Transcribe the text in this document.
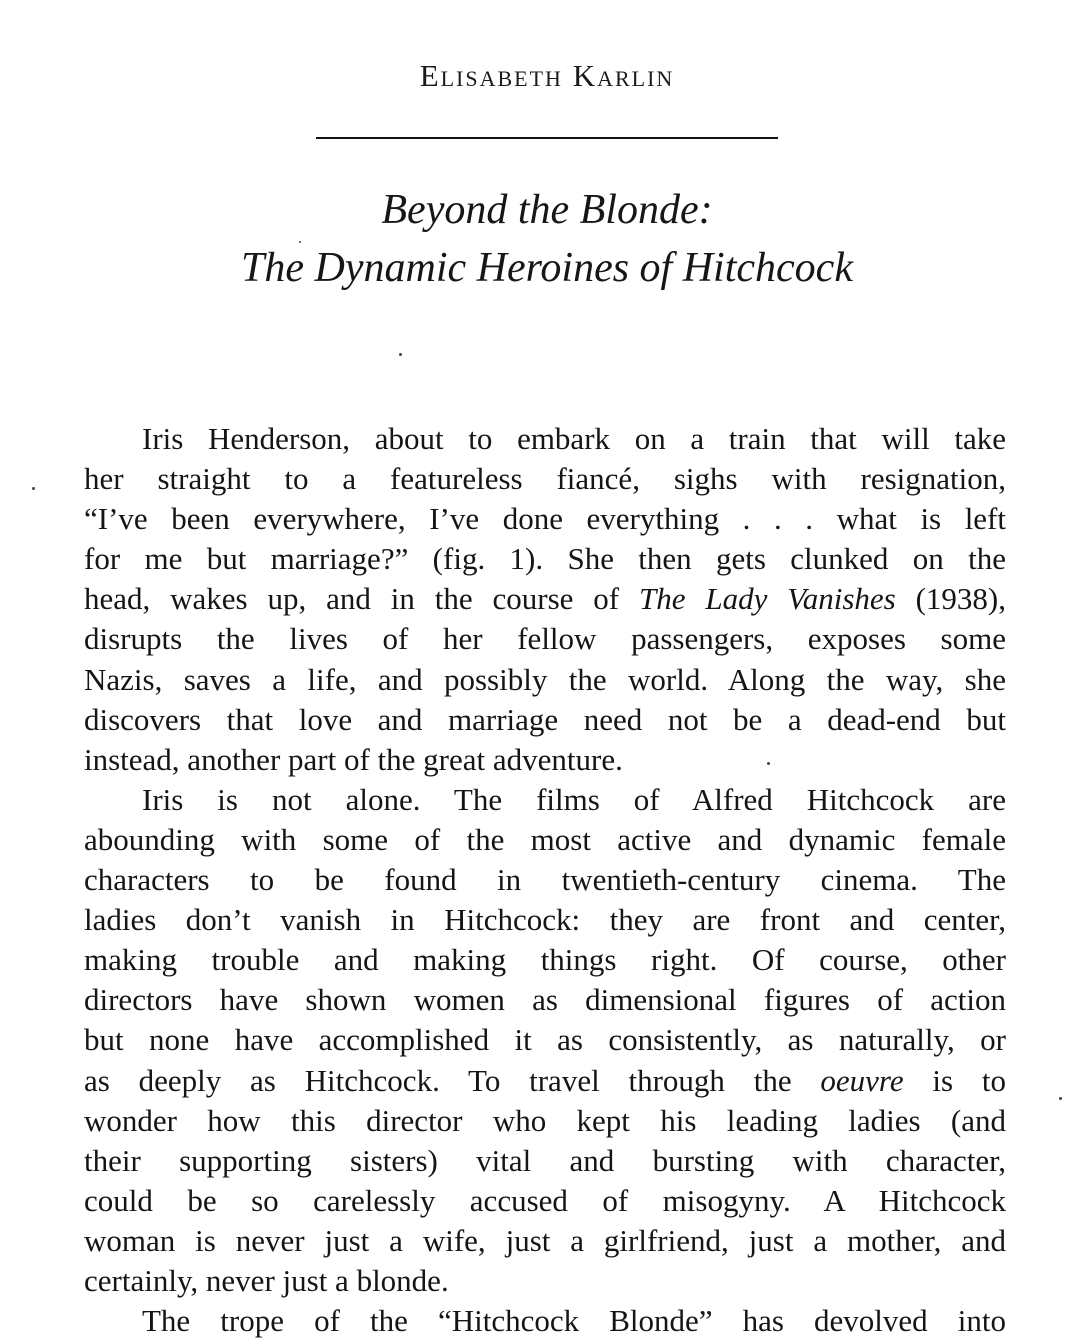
Elisabeth Karlin
Beyond the Blonde:
The Dynamic Heroines of Hitchcock
Iris Henderson, about to embark on a train that will take
her straight to a featureless fiancé, sighs with resignation,
“I’ve been everywhere, I’ve done everything . . . what is left
for me but marriage?” (fig. 1). She then gets clunked on the
head, wakes up, and in the course of The Lady Vanishes (1938),
disrupts the lives of her fellow passengers, exposes some
Nazis, saves a life, and possibly the world. Along the way, she
discovers that love and marriage need not be a dead-end but
instead, another part of the great adventure.
Iris is not alone. The films of Alfred Hitchcock are
abounding with some of the most active and dynamic female
characters to be found in twentieth-century cinema. The
ladies don’t vanish in Hitchcock: they are front and center,
making trouble and making things right. Of course, other
directors have shown women as dimensional figures of action
but none have accomplished it as consistently, as naturally, or
as deeply as Hitchcock. To travel through the oeuvre is to
wonder how this director who kept his leading ladies (and
their supporting sisters) vital and bursting with character,
could be so carelessly accused of misogyny. A Hitchcock
woman is never just a wife, just a girlfriend, just a mother, and
certainly, never just a blonde.
The trope of the “Hitchcock Blonde” has devolved into
